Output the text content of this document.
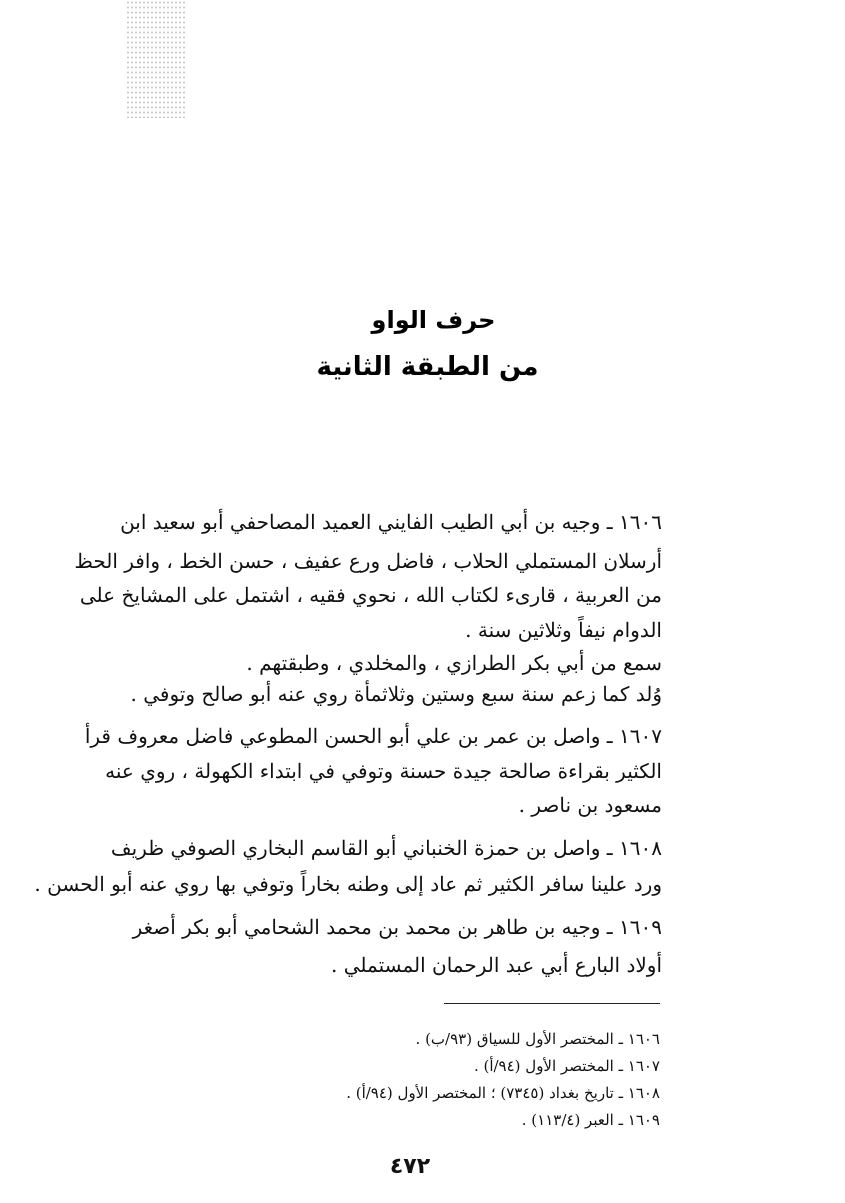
حرف الواو
من الطبقة الثانية
١٦٠٦ ـ وجيه بن أبي الطيب الفايني العميد المصاحفي أبو سعيد ابن
أرسلان المستملي الحلاب ، فاضل ورع عفيف ، حسن الخط ، وافر الحظ
من العربية ، قارىء لكتاب الله ، نحوي فقيه ، اشتمل على المشايخ على
الدوام نيفاً وثلاثين سنة .
سمع من أبي بكر الطرازي ، والمخلدي ، وطبقتهم .
وُلد كما زعم سنة سبع وستين وثلاثمأة روي عنه أبو صالح وتوفي .
١٦٠٧ ـ واصل بن عمر بن علي أبو الحسن المطوعي فاضل معروف قرأ
الكثير بقراءة صالحة جيدة حسنة وتوفي في ابتداء الكهولة ، روي عنه
مسعود بن ناصر .
١٦٠٨ ـ واصل بن حمزة الخنباني أبو القاسم البخاري الصوفي ظريف
ورد علينا سافر الكثير ثم عاد إلى وطنه بخاراً وتوفي بها روي عنه أبو الحسن .
١٦٠٩ ـ وجيه بن طاهر بن محمد بن محمد الشحامي أبو بكر أصغر
أولاد البارع أبي عبد الرحمان المستملي .
١٦٠٦ ـ المختصر الأول للسياق (٩٣/ب) .
١٦٠٧ ـ المختصر الأول (٩٤/أ) .
١٦٠٨ ـ تاريخ بغداد (٧٣٤٥) ؛ المختصر الأول (٩٤/أ) .
١٦٠٩ ـ العبر (١١٣/٤) .
٤٧٢
